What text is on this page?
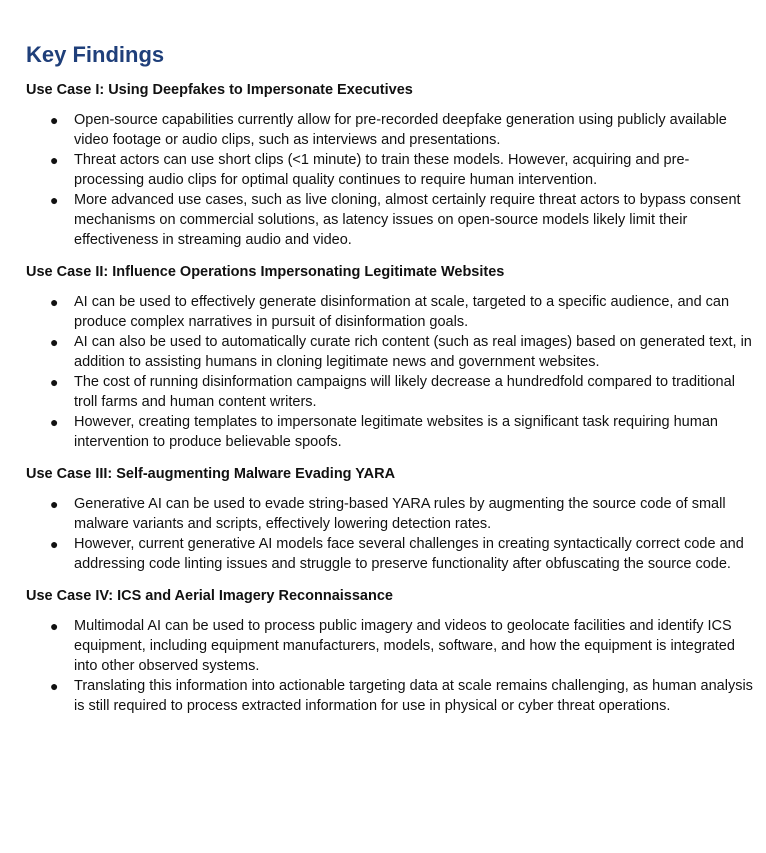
Key Findings
Use Case I: Using Deepfakes to Impersonate Executives
● Open-source capabilities currently allow for pre-recorded deepfake generation using publicly available video footage or audio clips, such as interviews and presentations.
● Threat actors can use short clips (<1 minute) to train these models. However, acquiring and pre-processing audio clips for optimal quality continues to require human intervention.
● More advanced use cases, such as live cloning, almost certainly require threat actors to bypass consent mechanisms on commercial solutions, as latency issues on open-source models likely limit their effectiveness in streaming audio and video.
Use Case II: Influence Operations Impersonating Legitimate Websites
● AI can be used to effectively generate disinformation at scale, targeted to a specific audience, and can produce complex narratives in pursuit of disinformation goals.
● AI can also be used to automatically curate rich content (such as real images) based on generated text, in addition to assisting humans in cloning legitimate news and government websites.
● The cost of running disinformation campaigns will likely decrease a hundredfold compared to traditional troll farms and human content writers.
● However, creating templates to impersonate legitimate websites is a significant task requiring human intervention to produce believable spoofs.
Use Case III: Self-augmenting Malware Evading YARA
● Generative AI can be used to evade string-based YARA rules by augmenting the source code of small malware variants and scripts, effectively lowering detection rates.
● However, current generative AI models face several challenges in creating syntactically correct code and addressing code linting issues and struggle to preserve functionality after obfuscating the source code.
Use Case IV: ICS and Aerial Imagery Reconnaissance
● Multimodal AI can be used to process public imagery and videos to geolocate facilities and identify ICS equipment, including equipment manufacturers, models, software, and how the equipment is integrated into other observed systems.
● Translating this information into actionable targeting data at scale remains challenging, as human analysis is still required to process extracted information for use in physical or cyber threat operations.
